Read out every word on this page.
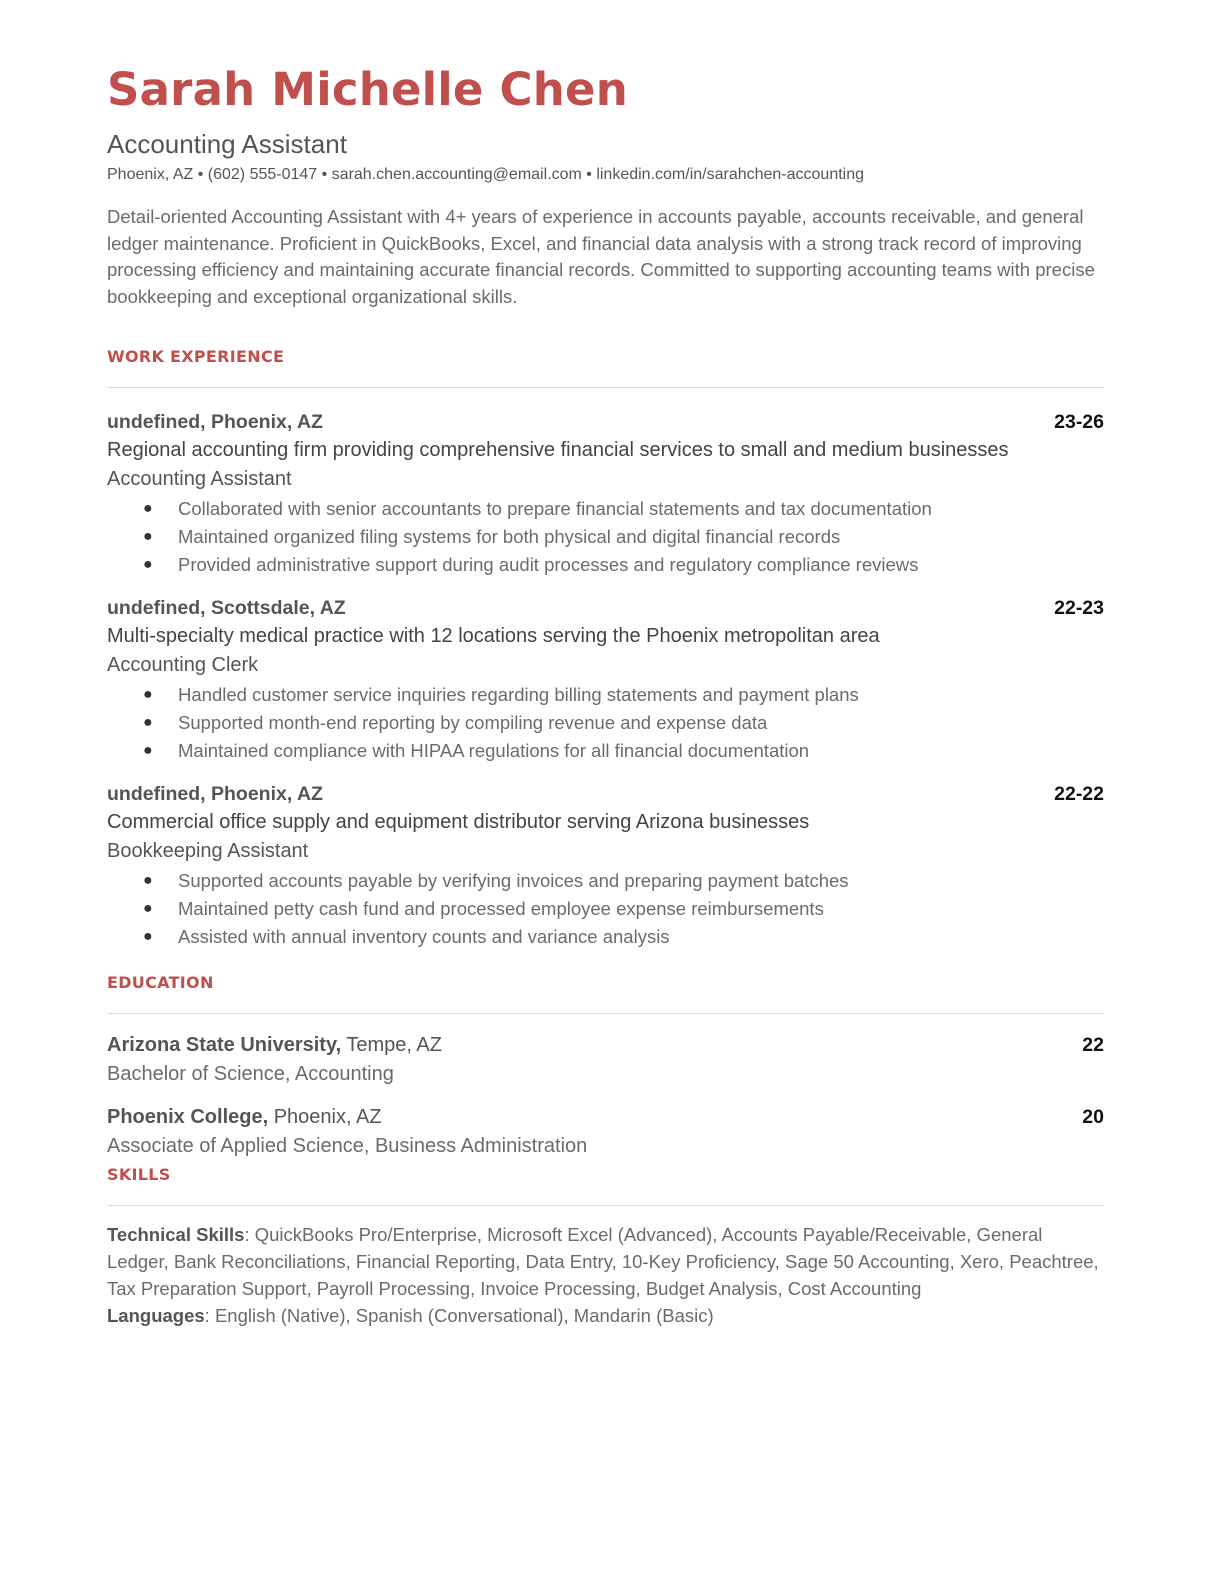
Sarah Michelle Chen
Accounting Assistant
Phoenix, AZ • (602) 555-0147 • sarah.chen.accounting@email.com • linkedin.com/in/sarahchen-accounting
Detail-oriented Accounting Assistant with 4+ years of experience in accounts payable, accounts receivable, and general ledger maintenance. Proficient in QuickBooks, Excel, and financial data analysis with a strong track record of improving processing efficiency and maintaining accurate financial records. Committed to supporting accounting teams with precise bookkeeping and exceptional organizational skills.
WORK EXPERIENCE
undefined, Phoenix, AZ	23-26
Regional accounting firm providing comprehensive financial services to small and medium businesses
Accounting Assistant
● Collaborated with senior accountants to prepare financial statements and tax documentation
● Maintained organized filing systems for both physical and digital financial records
● Provided administrative support during audit processes and regulatory compliance reviews
undefined, Scottsdale, AZ	22-23
Multi-specialty medical practice with 12 locations serving the Phoenix metropolitan area
Accounting Clerk
● Handled customer service inquiries regarding billing statements and payment plans
● Supported month-end reporting by compiling revenue and expense data
● Maintained compliance with HIPAA regulations for all financial documentation
undefined, Phoenix, AZ	22-22
Commercial office supply and equipment distributor serving Arizona businesses
Bookkeeping Assistant
● Supported accounts payable by verifying invoices and preparing payment batches
● Maintained petty cash fund and processed employee expense reimbursements
● Assisted with annual inventory counts and variance analysis
EDUCATION
Arizona State University, Tempe, AZ	22
Bachelor of Science, Accounting
Phoenix College, Phoenix, AZ	20
Associate of Applied Science, Business Administration
SKILLS
Technical Skills: QuickBooks Pro/Enterprise, Microsoft Excel (Advanced), Accounts Payable/Receivable, General Ledger, Bank Reconciliations, Financial Reporting, Data Entry, 10-Key Proficiency, Sage 50 Accounting, Xero, Peachtree, Tax Preparation Support, Payroll Processing, Invoice Processing, Budget Analysis, Cost Accounting
Languages: English (Native), Spanish (Conversational), Mandarin (Basic)
